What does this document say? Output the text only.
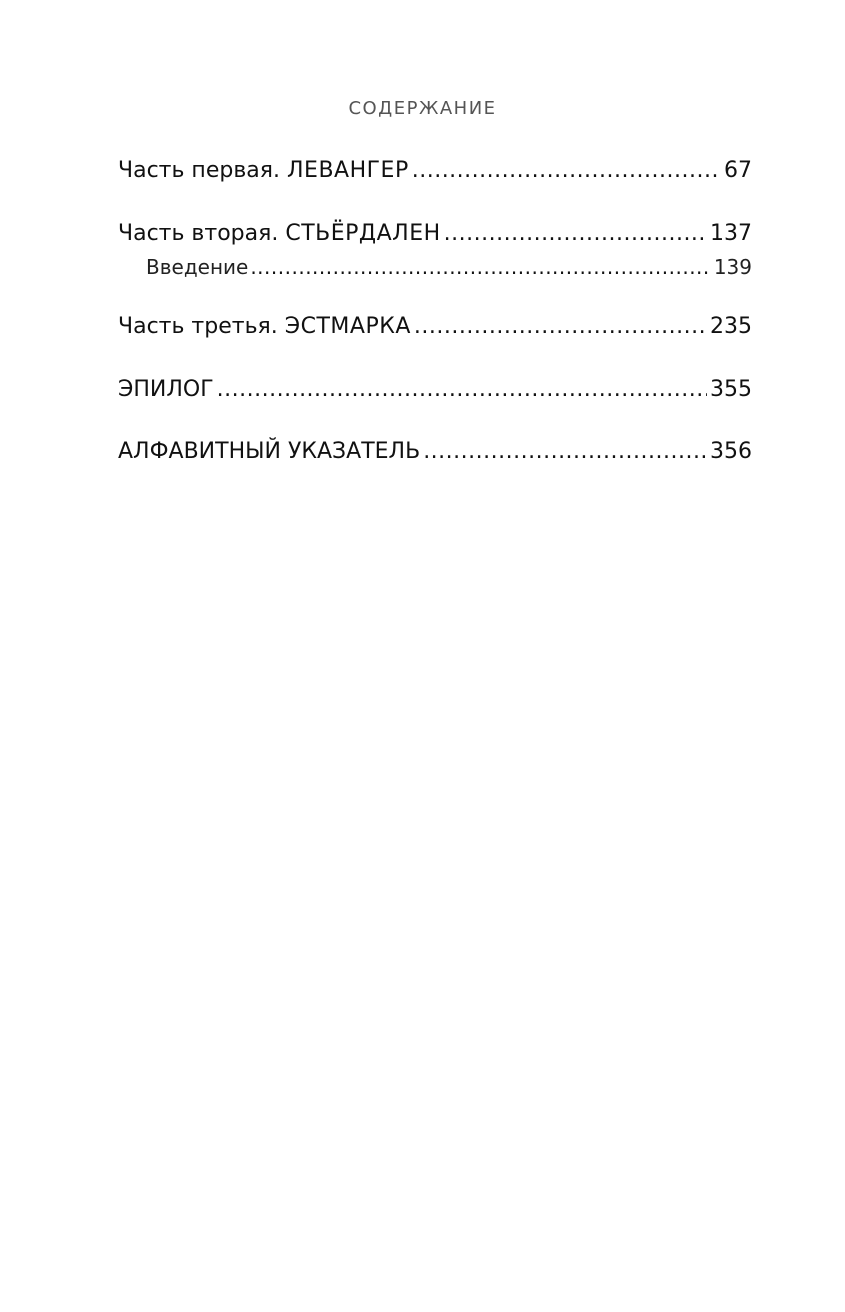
СОДЕРЖАНИЕ
Часть первая. ЛЕВАНГЕР .....	67
Часть вторая. СТЬЁРДАЛЕН .....	137
Введение .....	139
Часть третья. ЭСТМАРКА .....	235
ЭПИЛОГ .....	355
АЛФАВИТНЫЙ УКАЗАТЕЛЬ .....	356
